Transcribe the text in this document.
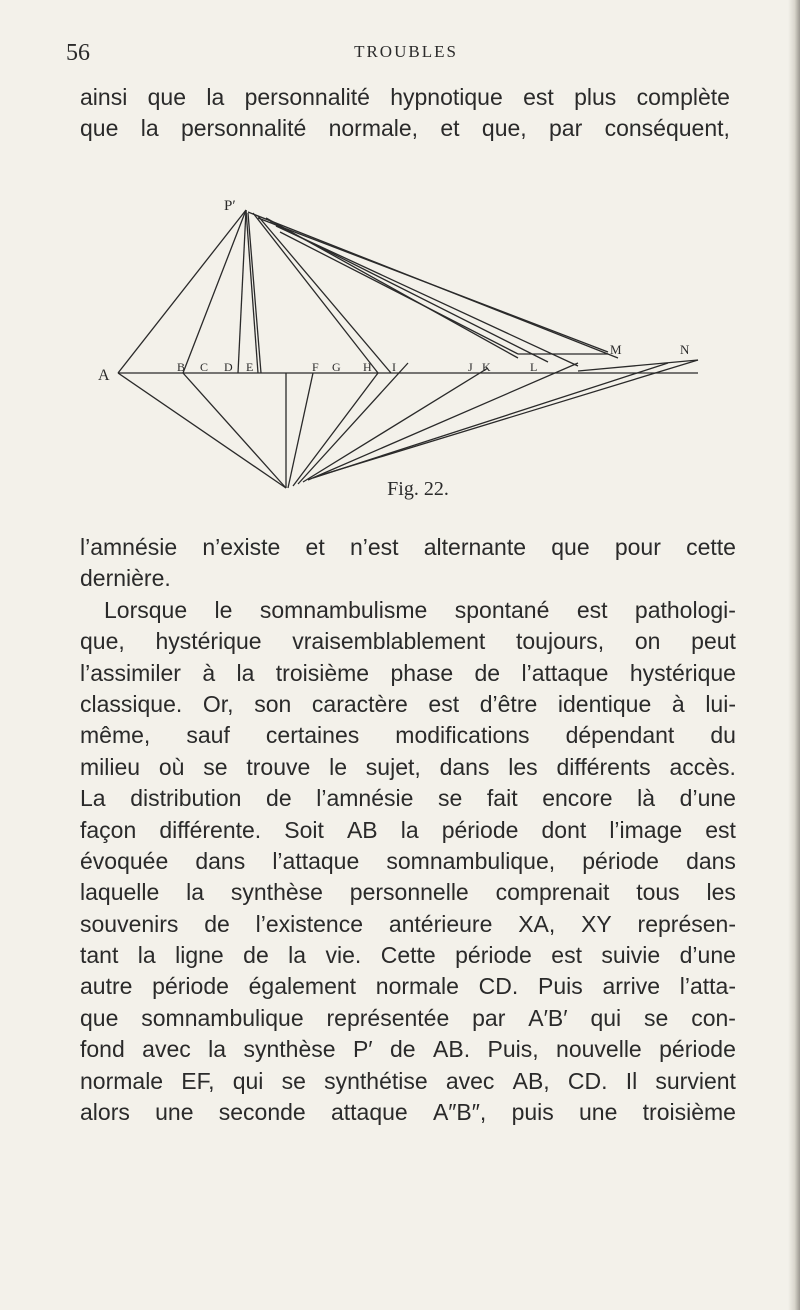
56	TROUBLES
ainsi que la personnalité hypnotique est plus complète
que la personnalité normale, et que, par conséquent,
P′
A	B C D E	F G H I	J K	L
M	N
Fig. 22.
l’amnésie n’existe et n’est alternante que pour cette
dernière.
Lorsque le somnambulisme spontané est pathologi-
que, hystérique vraisemblablement toujours, on peut
l’assimiler à la troisième phase de l’attaque hystérique
classique. Or, son caractère est d’être identique à lui-
même, sauf certaines modifications dépendant du
milieu où se trouve le sujet, dans les différents accès.
La distribution de l’amnésie se fait encore là d’une
façon différente. Soit AB la période dont l’image est
évoquée dans l’attaque somnambulique, période dans
laquelle la synthèse personnelle comprenait tous les
souvenirs de l’existence antérieure XA, XY représen-
tant la ligne de la vie. Cette période est suivie d’une
autre période également normale CD. Puis arrive l’atta-
que somnambulique représentée par A′B′ qui se con-
fond avec la synthèse P′ de AB. Puis, nouvelle période
normale EF, qui se synthétise avec AB, CD. Il survient
alors une seconde attaque A″B″, puis une troisième
